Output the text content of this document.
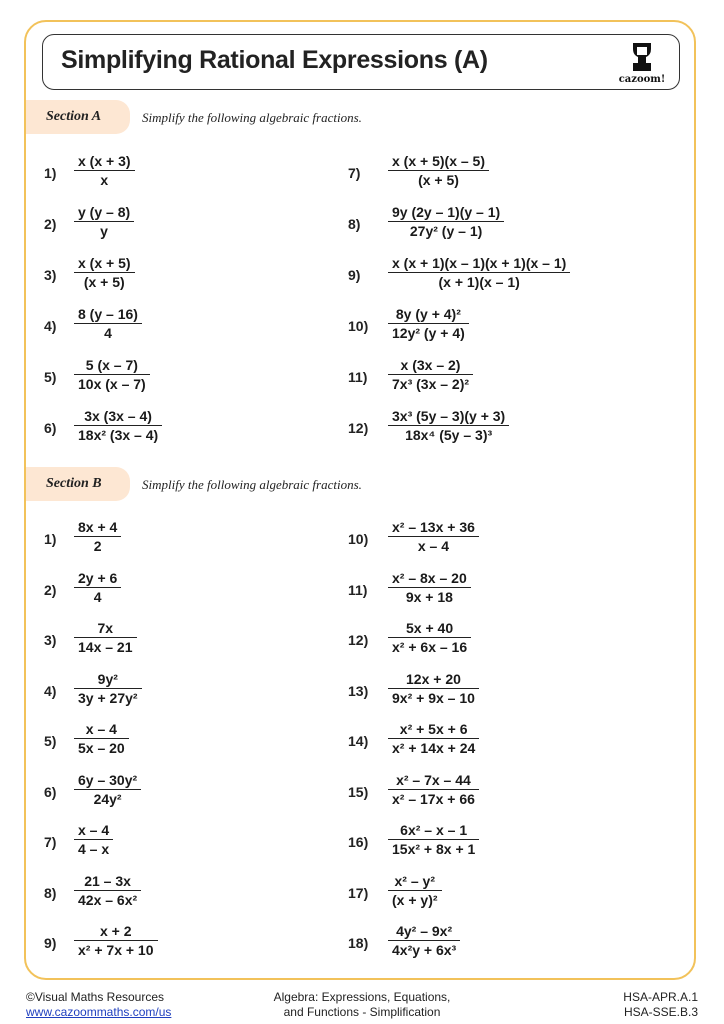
Simplifying Rational Expressions (A)
cazoom!
Section A	Simplify the following algebraic fractions.
$1) \frac{x (x + 3)}{x}$
$2) \frac{y (y - 8)}{y}$
$3) \frac{x (x + 5)}{(x + 5)}$
$4) \frac{8 (y - 16)}{4}$
$5) \frac{5 (x - 7)}{10x (x - 7)}$
$6) \frac{3x (3x - 4)}{\text{18x² (3x – 4)}}$
$7) \frac{x (x + 5)(x - 5)}{(x + 5)}$
$8) \frac{9y (2y - 1)(y - 1)}{\text{27y² (y – 1)}}$
$9) \frac{x (x + 1)(x - 1)(x + 1)(x - 1)}{(x + 1)(x - 1)}$
$10) \frac{\text{8y (y + 4)²}}{\text{12y² (y + 4)}}$
$11) \frac{x (3x - 2)}{\text{7x³ (3x – 2)²}}$
$12) \frac{\text{3x³ (5y – 3)(y + 3)}}{\text{18x⁴ (5y – 3)³}}$
Section B	Simplify the following algebraic fractions.
$1) \frac{8x + 4}{2}$
$2) \frac{2y + 6}{4}$
$3) \frac{7x}{14x - 21}$
$4) \frac{\text{9y²}}{\text{3y + 27y²}}$
$5) \frac{x - 4}{5x - 20}$
$6) \frac{\text{6y – 30y²}}{\text{24y²}}$
$7) \frac{x - 4}{4 - x}$
$8) \frac{21 - 3x}{\text{42x – 6x²}}$
$9) \frac{x + 2}{\text{x² + 7x + 10}}$
$10) \frac{\text{x² – 13x + 36}}{x - 4}$
$11) \frac{\text{x² – 8x – 20}}{9x + 18}$
$12) \frac{5x + 40}{\text{x² + 6x – 16}}$
$13) \frac{12x + 20}{\text{9x² + 9x – 10}}$
$14) \frac{\text{x² + 5x + 6}}{\text{x² + 14x + 24}}$
$15) \frac{\text{x² – 7x – 44}}{\text{x² – 17x + 66}}$
$16) \frac{\text{6x² – x – 1}}{\text{15x² + 8x + 1}}$
$17) \frac{\text{x² – y²}}{\text{(x + y)²}}$
$18) \frac{\text{4y² – 9x²}}{\text{4x²y + 6x³}}$
©Visual Maths Resources
www.cazoommaths.com/us
Algebra: Expressions, Equations,
and Functions - Simplification
HSA-APR.A.1
HSA-SSE.B.3
